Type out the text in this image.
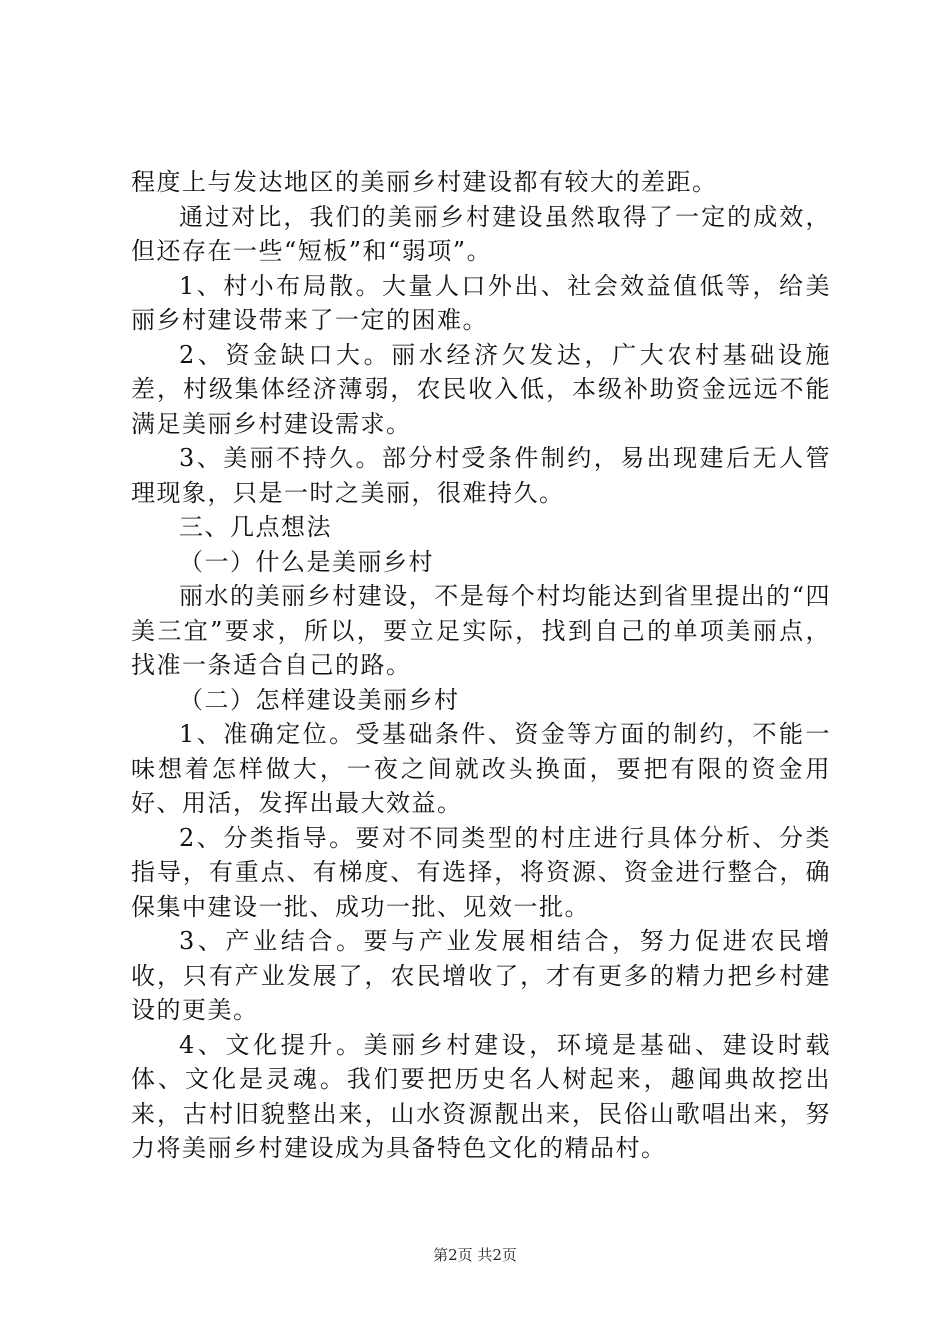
程度上与发达地区的美丽乡村建设都有较大的差距。

通过对比，我们的美丽乡村建设虽然取得了一定的成效，但还存在一些“短板”和“弱项”。

1、村小布局散。大量人口外出、社会效益值低等，给美丽乡村建设带来了一定的困难。

2、资金缺口大。丽水经济欠发达，广大农村基础设施差，村级集体经济薄弱，农民收入低，本级补助资金远远不能满足美丽乡村建设需求。

3、美丽不持久。部分村受条件制约，易出现建后无人管理现象，只是一时之美丽，很难持久。

三、几点想法

（一）什么是美丽乡村

丽水的美丽乡村建设，不是每个村均能达到省里提出的“四美三宜”要求，所以，要立足实际，找到自己的单项美丽点，找准一条适合自己的路。

（二）怎样建设美丽乡村

1、准确定位。受基础条件、资金等方面的制约，不能一味想着怎样做大，一夜之间就改头换面，要把有限的资金用好、用活，发挥出最大效益。

2、分类指导。要对不同类型的村庄进行具体分析、分类指导，有重点、有梯度、有选择，将资源、资金进行整合，确保集中建设一批、成功一批、见效一批。

3、产业结合。要与产业发展相结合，努力促进农民增收，只有产业发展了，农民增收了，才有更多的精力把乡村建设的更美。

4、文化提升。美丽乡村建设，环境是基础、建设时载体、文化是灵魂。我们要把历史名人树起来，趣闻典故挖出来，古村旧貌整出来，山水资源靓出来，民俗山歌唱出来，努力将美丽乡村建设成为具备特色文化的精品村。

第2页 共2页
